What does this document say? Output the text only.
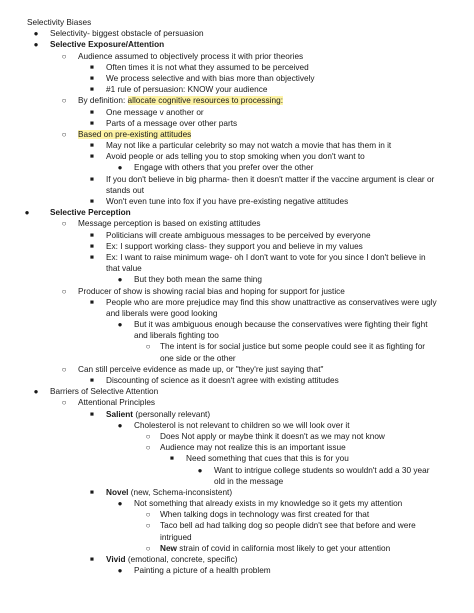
Selectivity Biases
●	Selectivity- biggest obstacle of persuasion
●	Selective Exposure/Attention
○	Audience assumed to objectively process it with prior theories
■	Often times it is not what they assumed to be perceived
■	We process selective and with bias more than objectively
■	#1 rule of persuasion: KNOW your audience
○	By definition: allocate cognitive resources to processing:
■	One message v another or
■	Parts of a message over other parts
○	Based on pre-existing attitudes
■	May not like a particular celebrity so may not watch a movie that has them in it
■	Avoid people or ads telling you to stop smoking when you don't want to
●	Engage with others that you prefer over the other
■	If you don't believe in big pharma- then it doesn't matter if the vaccine argument is clear or
stands out
■	Won't even tune into fox if you have pre-existing negative attitudes
●	Selective Perception
○	Message perception is based on existing attitudes
■	Politicians will create ambiguous messages to be perceived by everyone
■	Ex: I support working class- they support you and believe in my values
■	Ex: I want to raise minimum wage- oh I don't want to vote for you since I don't believe in
that value
●	But they both mean the same thing
○	Producer of show is showing racial bias and hoping for support for justice
■	People who are more prejudice may find this show unattractive as conservatives were ugly
and liberals were good looking
●	But it was ambiguous enough because the conservatives were fighting their fight
and liberals fighting too
○	The intent is for social justice but some people could see it as fighting for
one side or the other
○	Can still perceive evidence as made up, or "they're just saying that"
■	Discounting of science as it doesn't agree with existing attitudes
●	Barriers of Selective Attention
○	Attentional Principles
■	Salient (personally relevant)
●	Cholesterol is not relevant to children so we will look over it
○	Does Not apply or maybe think it doesn't as we may not know
○	Audience may not realize this is an important issue
■	Need something that cues that this is for you
●	Want to intrigue college students so wouldn't add a 30 year
old in the message
■	Novel (new, Schema-inconsistent)
●	Not something that already exists in my knowledge so it gets my attention
○	When talking dogs in technology was first created for that
○	Taco bell ad had talking dog so people didn't see that before and were
intrigued
○	New strain of covid in california most likely to get your attention
■	Vivid (emotional, concrete, specific)
●	Painting a picture of a health problem
